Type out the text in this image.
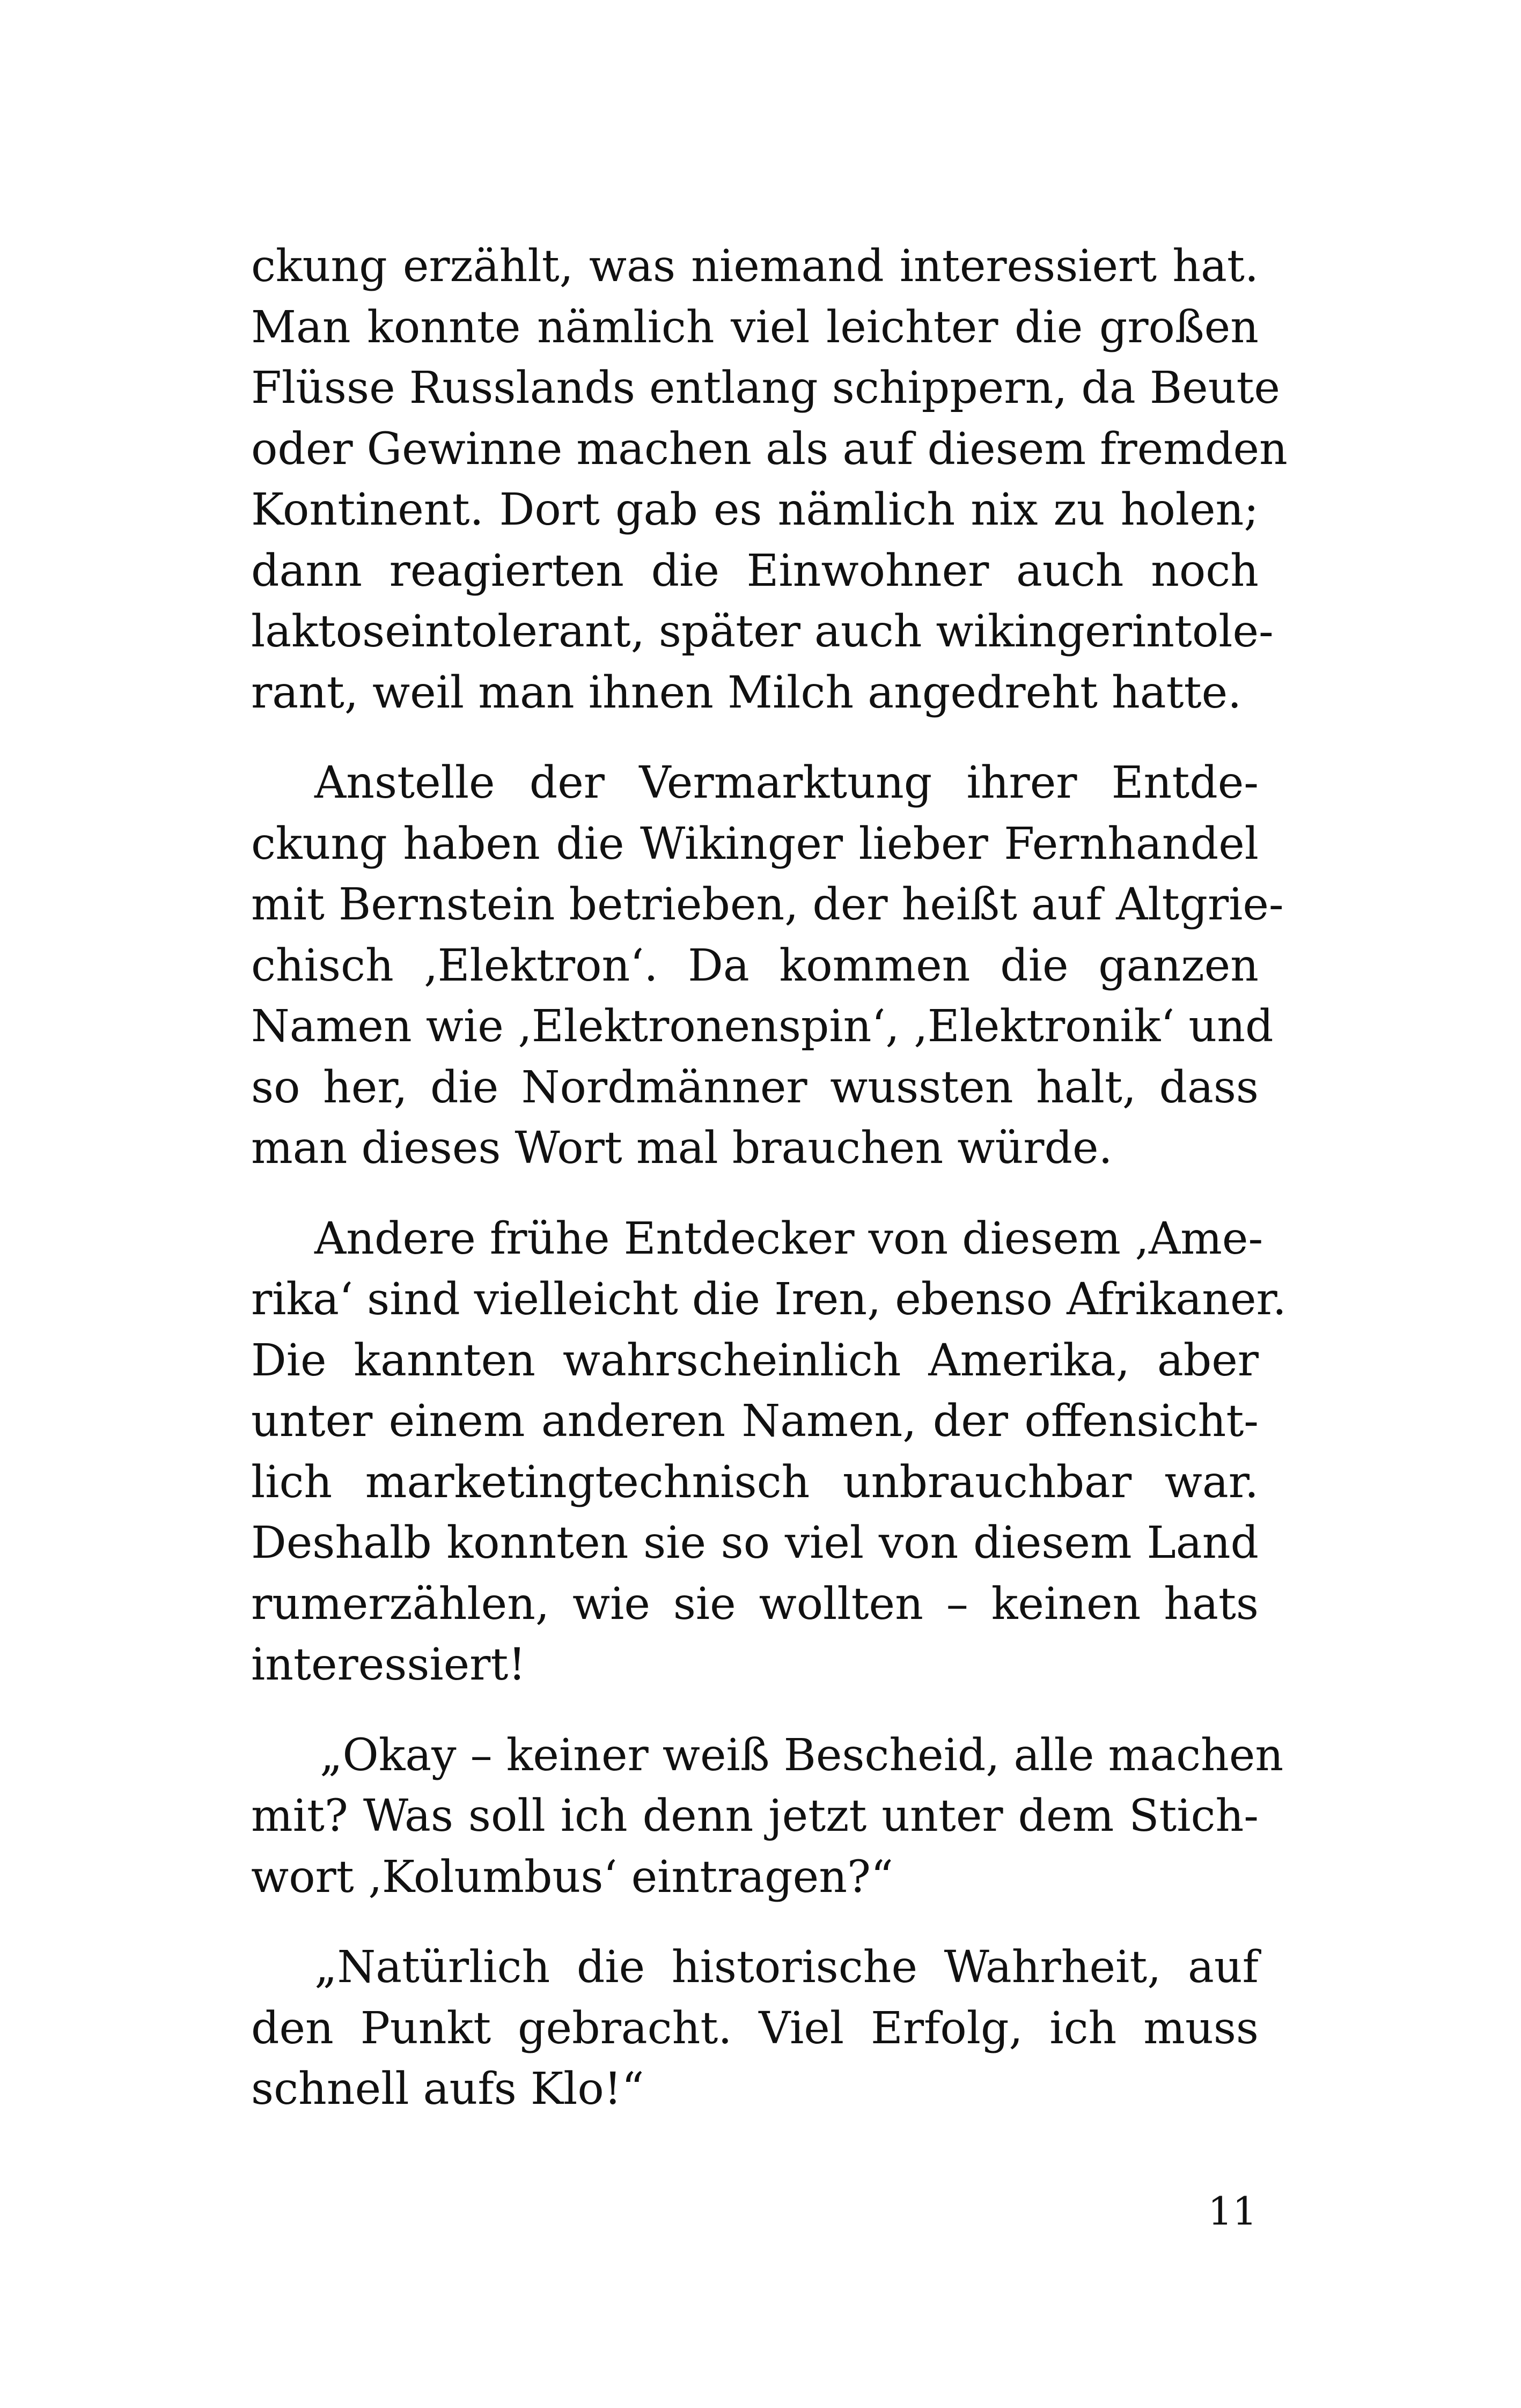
ckung erzählt, was niemand interessiert hat.
Man konnte nämlich viel leichter die großen
Flüsse Russlands entlang schippern, da Beute
oder Gewinne machen als auf diesem fremden
Kontinent. Dort gab es nämlich nix zu holen;
dann reagierten die Einwohner auch noch
laktoseintolerant, später auch wikingerintole-
rant, weil man ihnen Milch angedreht hatte.

Anstelle der Vermarktung ihrer Entde-
ckung haben die Wikinger lieber Fernhandel
mit Bernstein betrieben, der heißt auf Altgrie-
chisch ‚Elektron‘. Da kommen die ganzen
Namen wie ‚Elektronenspin‘, ‚Elektronik‘ und
so her, die Nordmänner wussten halt, dass
man dieses Wort mal brauchen würde.

Andere frühe Entdecker von diesem ‚Ame-
rika‘ sind vielleicht die Iren, ebenso Afrikaner.
Die kannten wahrscheinlich Amerika, aber
unter einem anderen Namen, der offensicht-
lich marketingtechnisch unbrauchbar war.
Deshalb konnten sie so viel von diesem Land
rumerzählen, wie sie wollten – keinen hats
interessiert!

„Okay – keiner weiß Bescheid, alle machen
mit? Was soll ich denn jetzt unter dem Stich-
wort ‚Kolumbus‘ eintragen?“

„Natürlich die historische Wahrheit, auf
den Punkt gebracht. Viel Erfolg, ich muss
schnell aufs Klo!“

11
